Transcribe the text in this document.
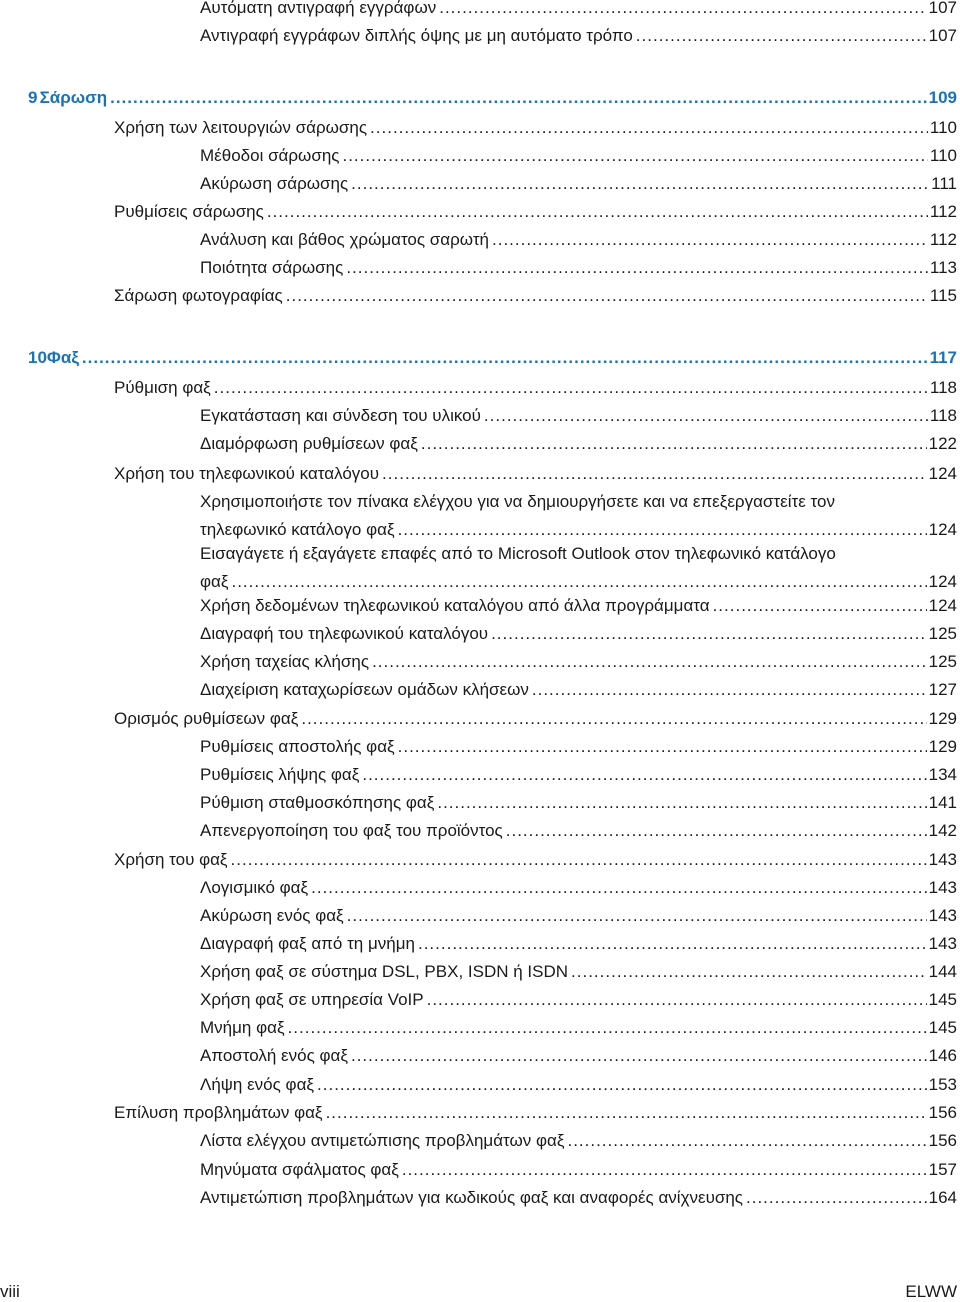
Αυτόματη αντιγραφή εγγράφων .....	107
Αντιγραφή εγγράφων διπλής όψης με μη αυτόματο τρόπο .....	107
9 Σάρωση .....	109
Χρήση των λειτουργιών σάρωσης .....	110
Μέθοδοι σάρωσης .....	110
Ακύρωση σάρωσης .....	111
Ρυθμίσεις σάρωσης .....	112
Ανάλυση και βάθος χρώματος σαρωτή .....	112
Ποιότητα σάρωσης .....	113
Σάρωση φωτογραφίας .....	115
10 Φαξ .....	117
Ρύθμιση φαξ .....	118
Εγκατάσταση και σύνδεση του υλικού .....	118
Διαμόρφωση ρυθμίσεων φαξ .....	122
Χρήση του τηλεφωνικού καταλόγου .....	124
Χρησιμοποιήστε τον πίνακα ελέγχου για να δημιουργήσετε και να επεξεργαστείτε τον
τηλεφωνικό κατάλογο φαξ .....	124
Εισαγάγετε ή εξαγάγετε επαφές από το Microsoft Outlook στον τηλεφωνικό κατάλογο
φαξ .....	124
Χρήση δεδομένων τηλεφωνικού καταλόγου από άλλα προγράμματα .....	124
Διαγραφή του τηλεφωνικού καταλόγου .....	125
Χρήση ταχείας κλήσης .....	125
Διαχείριση καταχωρίσεων ομάδων κλήσεων .....	127
Ορισμός ρυθμίσεων φαξ .....	129
Ρυθμίσεις αποστολής φαξ .....	129
Ρυθμίσεις λήψης φαξ .....	134
Ρύθμιση σταθμοσκόπησης φαξ .....	141
Απενεργοποίηση του φαξ του προϊόντος .....	142
Χρήση του φαξ .....	143
Λογισμικό φαξ .....	143
Ακύρωση ενός φαξ .....	143
Διαγραφή φαξ από τη μνήμη .....	143
Χρήση φαξ σε σύστημα DSL, PBX, ISDN ή ISDN .....	144
Χρήση φαξ σε υπηρεσία VoIP .....	145
Μνήμη φαξ .....	145
Αποστολή ενός φαξ .....	146
Λήψη ενός φαξ .....	153
Επίλυση προβλημάτων φαξ .....	156
Λίστα ελέγχου αντιμετώπισης προβλημάτων φαξ .....	156
Μηνύματα σφάλματος φαξ .....	157
Αντιμετώπιση προβλημάτων για κωδικούς φαξ και αναφορές ανίχνευσης .....	164
viii	ELWW
